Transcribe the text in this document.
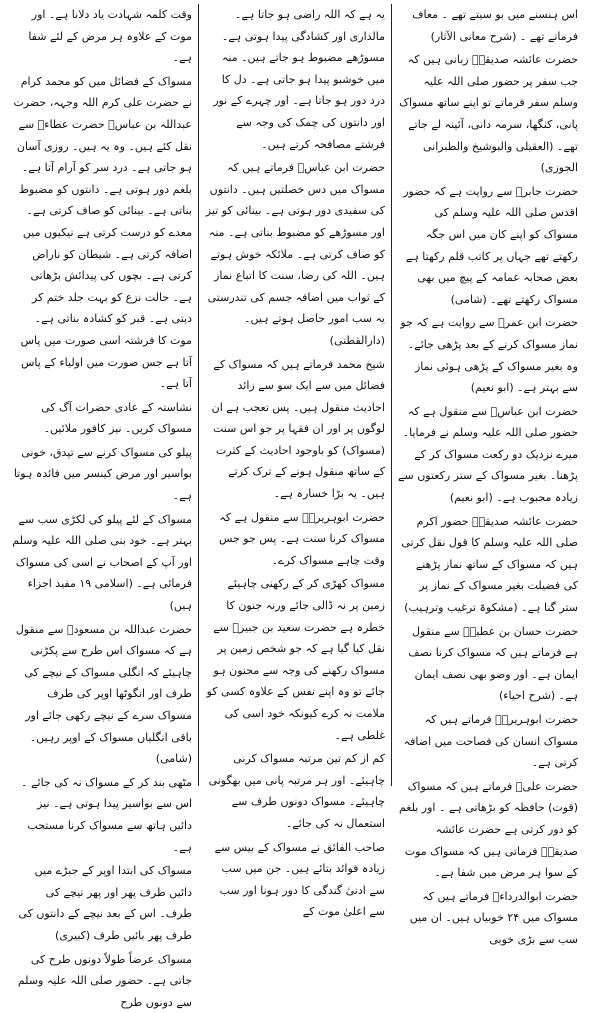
اس ہنسنے میں بو سیتے تھے ۔ معاف فرماتے تھے ۔ (شرح معانی الآثار)

حضرت عائشہ صدیقہؓ زبانی ہیں کہ جب سفر پر حضور صلی اللہ علیہ وسلم سفر فرماتے تو اپنے ساتھ مسواک پانی، کنگھا، سرمہ دانی، آئینہ لے جاتے تھے۔ (العقیلی والبوشیخ والطبرانی الجوزی)

حضرت جابرؓ سے روایت ہے کہ حضور اقدس صلی اللہ علیہ وسلم کی مسواک کو اپنے کان میں اس جگہ رکھتے تھے جہاں پر کاتب قلم رکھتا ہے بعض صحابہ عمامہ کے پیچ میں بھی مسواک رکھتے تھے۔ (شامی)

حضرت ابن عمرؓ سے روایت ہے کہ جو نماز مسواک کرنے کے بعد پڑھی جائے۔ وہ بغیر مسواک کے پڑھی ہوئی نماز سے بہتر ہے۔ (ابو نعیم)

حضرت ابن عباسؓ سے منقول ہے کہ حضور صلی اللہ علیہ وسلم نے فرمایا۔ میرے نزدیک دو رکعت مسواک کر کے پڑھنا۔ بغیر مسواک کے ستر رکعتوں سے زیادہ محبوب ہے۔ (ابو نعیم)

حضرت عائشہ صدیقہؓ حضور اکرم صلی اللہ علیہ وسلم کا قول نقل کرتی ہیں کہ مسواک کے ساتھ نماز پڑھنے کی فضیلت بغیر مسواک کے نماز پر ستر گنا ہے۔ (مشکوۃ ترغیب وترہیب)

حضرت حسان بن عطیہؓ سے منقول ہے فرماتے ہیں کہ مسواک کرنا نصف ایمان ہے۔ اور وضو بھی نصف ایمان ہے۔ (شرح احیاء)

حضرت ابوہریرہؓ فرماتے ہیں کہ مسواک انسان کی فصاحت میں اضافہ کرتی ہے۔

حضرت علیؓ فرماتے ہیں کہ مسواک (قوت) حافظہ کو بڑھاتی ہے ۔ اور بلغم کو دور کرتی ہے حضرت عائشہ صدیقہؓ فرماتی ہیں کہ مسواک موت کے سوا ہر مرض میں شفا ہے۔

حضرت ابوالدرداءؓ فرماتے ہیں کہ مسواک میں ۲۴ خوبیاں ہیں۔ ان میں سب سے بڑی خوبی

یہ ہے کہ اللہ راضی ہو جاتا ہے۔ مالداری اور کشادگی پیدا ہوتی ہے۔ مسوڑھے مضبوط ہو جاتے ہیں۔ منہ میں خوشبو پیدا ہو جاتی ہے۔ دل کا درد دور ہو جاتا ہے۔ اور چہرے کے نور اور دانتوں کی چمک کی وجہ سے فرشتے مصافحہ کرتے ہیں۔

حضرت ابن عباسؓ فرماتے ہیں کہ مسواک میں دس خصلتیں ہیں۔ دانتوں کی سفیدی دور ہوتی ہے۔ بینائی کو تیز اور مسوڑھے کو مضبوط بناتی ہے۔ منہ کو صاف کرتی ہے۔ ملائکہ خوش ہوتے ہیں۔ اللہ کی رضا، سنت کا اتباع نماز کے ثواب میں اضافہ جسم کی تندرستی یہ سب امور حاصل ہوتے ہیں۔ (دارالقطنی)

شیخ محمد فرماتے ہیں کہ مسواک کے فضائل میں سے ایک سو سے زائد احادیث منقول ہیں۔ پس تعجب ہے ان لوگوں پر اور ان فقہا پر جو اس سنت (مسواک) کو باوجود احادیث کے کثرت کے ساتھ منقول ہونے کے ترک کرتے ہیں۔ یہ بڑا خسارہ ہے۔

حضرت ابوہریرہؓ سے منقول ہے کہ مسواک کرنا سنت ہے۔ پس جو جس وقت چاہے مسواک کرے۔

مسواک کھڑی کر کے رکھنی چاہیئے زمین پر نہ ڈالی جائے ورنہ جنون کا خطرہ ہے حضرت سعید بن جبیرؓ سے نقل کیا گیا ہے کہ جو شخص زمین پر مسواک رکھنے کی وجہ سے مجنون ہو جائے تو وہ اپنے نفس کے علاوہ کسی کو ملامت نہ کرے کیونکہ خود اسی کی غلطی ہے۔

کم از کم تین مرتبہ مسواک کرنی چاہیئے۔ اور ہر مرتبہ پانی میں بھگونی چاہیئے۔ مسواک دونوں طرف سے استعمال نہ کی جائے۔

صاحب الفائق نے مسواک کے بیس سے زیادہ فوائد بتائے ہیں۔ جن میں سب سے ادنیٰ گندگی کا دور ہونا اور سب سے اعلیٰ موت کے

وقت کلمہ شہادت یاد دلانا ہے۔ اور موت کے علاوہ ہر مرض کے لئے شفا ہے۔

مسواک کے فضائل میں کو محمد کرام نے حضرت علی کرم اللہ وجہہ، حضرت عبداللہ بن عباسؓ حضرت عطاءؒ سے نقل کئے ہیں۔ وہ یہ ہیں۔ روزی آسان ہو جاتی ہے۔ درد سر کو آرام آتا ہے۔ بلغم دور ہوتی ہے۔ دانتوں کو مضبوط بناتی ہے۔ بینائی کو صاف کرتی ہے۔ معدے کو درست کرتی ہے نیکیوں میں اضافہ کرتی ہے۔ شیطان کو ناراض کرتی ہے۔ بچوں کی پیدائش بڑھاتی ہے۔ حالت نزع کو بہت جلد ختم کر دیتی ہے۔ قبر کو کشادہ بناتی ہے۔ موت کا فرشتہ اسی صورت میں پاس آتا ہے جس صورت میں اولیاء کے پاس آتا ہے۔

نشاستہ کے عادی حضرات آگ کی مسواک کریں۔ نیز کافور ملائیں۔

پیلو کی مسواک کرنے سے تپدق، خونی بواسیر اور مرض کینسر میں فائدہ ہوتا ہے۔

مسواک کے لئے پیلو کی لکڑی سب سے بہتر ہے۔ خود بنی صلی اللہ علیہ وسلم اور آپ کے اصحاب نے اسی کی مسواک فرمائی ہے۔ (اسلامی ۱۹ مفید اجزاء ہیں)

حضرت عبداللہ بن مسعودؓ سے منقول ہے کہ مسواک اس طرح سے پکڑنی چاہیئے کہ انگلی مسواک کے نیچے کی طرف اور انگوٹھا اوپر کی طرف مسواک سرے کے نیچے رکھی جائے اور باقی انگلیاں مسواک کے اوپر رہیں۔ (شامی)

مٹھی بند کر کے مسواک نہ کی جائے ۔ اس سے بواسیر پیدا ہوتی ہے۔ نیز دائیں ہاتھ سے مسواک کرنا مستحب ہے۔

مسواک کی ابتدا اوپر کے جبڑے میں دائیں طرف پھر اور پھر نیچے کی طرف۔ اس کے بعد نیچے کے دانتوں کی طرف پھر بائیں طرف (کبیری)

مسواک عرضاً طولاً دونوں طرح کی جاتی ہے۔ حضور صلی اللہ علیہ وسلم سے دونوں طرح
